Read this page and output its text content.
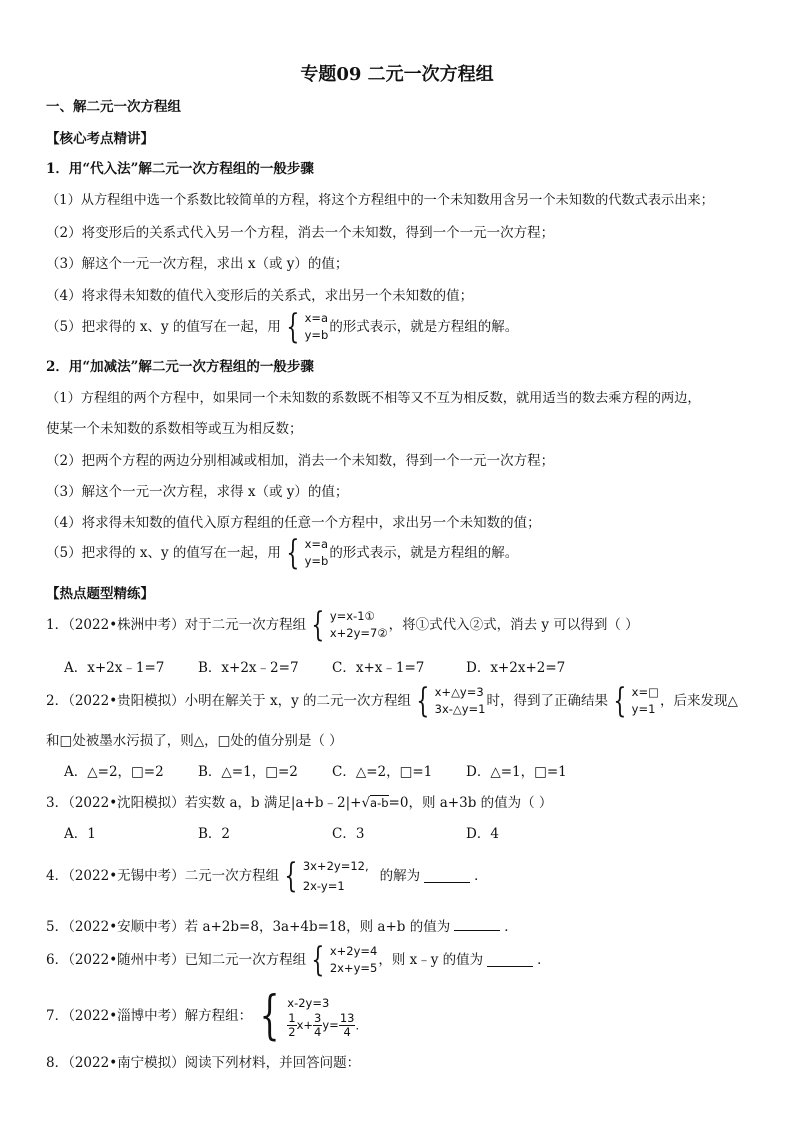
专题09 二元一次方程组
一、解二元一次方程组
【核心考点精讲】
1．用“代入法”解二元一次方程组的一般步骤
（1）从方程组中选一个系数比较简单的方程，将这个方程组中的一个未知数用含另一个未知数的代数式表示出来；
（2）将变形后的关系式代入另一个方程，消去一个未知数，得到一个一元一次方程；
（3）解这个一元一次方程，求出 x（或 y）的值；
（4）将求得未知数的值代入变形后的关系式，求出另一个未知数的值；
（5）把求得的 x、y 的值写在一起，用 { x=a
y=b 的形式表示，就是方程组的解。
2．用“加减法”解二元一次方程组的一般步骤
（1）方程组的两个方程中，如果同一个未知数的系数既不相等又不互为相反数，就用适当的数去乘方程的两边，
使某一个未知数的系数相等或互为相反数；
（2）把两个方程的两边分别相减或相加，消去一个未知数，得到一个一元一次方程；
（3）解这个一元一次方程，求得 x（或 y）的值；
（4）将求得未知数的值代入原方程组的任意一个方程中，求出另一个未知数的值；
（5）把求得的 x、y 的值写在一起，用 { x=a
y=b 的形式表示，就是方程组的解。
【热点题型精练】
1．（2022•株洲中考）对于二元一次方程组 { y=x-1①
x+2y=7② ，将①式代入②式，消去 y 可以得到（ ）
A．x+2x﹣1=7	B．x+2x﹣2=7	C．x+x﹣1=7	D．x+2x+2=7
2．（2022•贵阳模拟）小明在解关于 x，y 的二元一次方程组 { x+△y=3
3x-△y=1 时，得到了正确结果 { x=□
y=1 ，后来发现△
和□处被墨水污损了，则△，□处的值分别是（ ）
A．△=2，□=2	B．△=1，□=2	C．△=2，□=1	D．△=1，□=1
3．（2022•沈阳模拟）若实数 a，b 满足|a+b﹣2|+√a-b=0，则 a+3b 的值为（ ）
A．1	B．2	C．3	D．4
4．（2022•无锡中考）二元一次方程组 { 3x+2y=12,
2x-y=1
的解为	．
5．（2022•安顺中考）若 a+2b=8，3a+4b=18，则 a+b 的值为	．
6．（2022•随州中考）已知二元一次方程组 { x+2y=4
2x+y=5 ，则 x﹣y 的值为	．
7．（2022•淄博中考）解方程组： { x-2y=3
$\frac{1}{2} x+ \frac{3}{4} y= \frac{13}{4}$ ．
8．（2022•南宁模拟）阅读下列材料，并回答问题：
